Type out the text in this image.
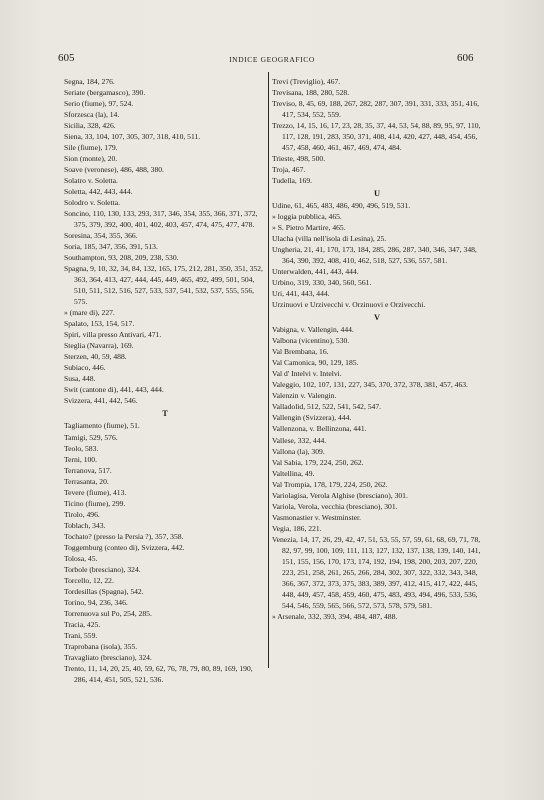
605	INDICE GEOGRAFICO	606
Segna, 184, 276.
Seriate (bergamasco), 390.
Serio (fiume), 97, 524.
Sforzesca (la), 14.
Sicilia, 328, 426.
Siena, 33, 104, 107, 305, 307, 318, 410, 511.
Sile (fiume), 179.
Sion (monte), 20.
Soave (veronese), 486, 488, 380.
Solatro v. Soletta.
Soletta, 442, 443, 444.
Solodro v. Soletta.
Soncino, 110, 130, 133, 293, 317, 346, 354, 355, 366, 371, 372, 375, 379, 392, 400, 401, 402, 403, 457, 474, 475, 477, 478.
Soresina, 354, 355, 366.
Soria, 185, 347, 356, 391, 513.
Southampton, 93, 208, 209, 238, 530.
Spagna, 9, 10, 32, 34, 84, 132, 165, 175, 212, 281, 350, 351, 352, 363, 364, 413, 427, 444, 445, 449, 465, 492, 499, 501, 504, 510, 511, 512, 516, 527, 533, 537, 541, 532, 537, 555, 556, 575.
» (mare di), 227.
Spalato, 153, 154, 517.
Spiri, villa presso Antivari, 471.
Steglia (Navarra), 169.
Sterzen, 40, 59, 488.
Subiaco, 446.
Susa, 448.
Swit (cantone di), 441, 443, 444.
Svizzera, 441, 442, 546.
T
Tagliamento (fiume), 51.
Tamigi, 529, 576.
Teolo, 583.
Terni, 100.
Terranova, 517.
Terrasanta, 20.
Tevere (fiume), 413.
Ticino (fiume), 299.
Tirolo, 496.
Toblach, 343.
Tochato? (presso la Persia ?), 357, 358.
Toggemburg (conteo di), Svizzera, 442.
Tolosa, 45.
Torbole (bresciano), 324.
Torcello, 12, 22.
Tordesillas (Spagna), 542.
Torino, 94, 236, 346.
Torrenuova sul Po, 254, 285.
Tracia, 425.
Trani, 559.
Traprobana (isola), 355.
Travagliato (bresciano), 324.
Trento, 11, 14, 20, 25, 40, 59, 62, 76, 78, 79, 80, 89, 169, 190, 286, 414, 451, 505, 521, 536.
Trevi (Treviglio), 467.
Trevisana, 188, 280, 528.
Treviso, 8, 45, 69, 188, 267, 282, 287, 307, 391, 331, 333, 351, 416, 417, 534, 552, 559.
Trezzo, 14, 15, 16, 17, 23, 28, 35, 37, 44, 53, 54, 88, 89, 95, 97, 110, 117, 128, 191, 283, 350, 371, 408, 414, 420, 427, 448, 454, 456, 457, 458, 460, 461, 467, 469, 474, 484.
Trieste, 498, 500.
Troja, 467.
Tudella, 169.
U
Udine, 61, 465, 483, 486, 490, 496, 519, 531.
» loggia pubblica, 465.
» S. Pietro Martire, 465.
Ulacha (villa nell'isola di Lesina), 25.
Ungheria, 21, 41, 170, 173, 184, 285, 286, 287, 340, 346, 347, 348, 364, 390, 392, 408, 410, 462, 518, 527, 536, 557, 581.
Unterwalden, 441, 443, 444.
Urbino, 319, 330, 340, 560, 561.
Uri, 441, 443, 444.
Urzinuovi e Urzivecchi v. Orzinuovi e Orzivecchi.
V
Vabigna, v. Vallengin, 444.
Valbona (vicentino), 530.
Val Brembana, 16.
Val Camonica, 90, 129, 185.
Val d' Intelvi v. Intelvi.
Valeggio, 102, 107, 131, 227, 345, 370, 372, 378, 381, 457, 463.
Valenzin v. Valengin.
Valladolid, 512, 522, 541, 542, 547.
Vallengin (Svizzera), 444.
Vallenzona, v. Bellinzona, 441.
Vallese, 332, 444.
Vallona (la), 309.
Val Sabia, 179, 224, 250, 262.
Valtellina, 49.
Val Trompia, 178, 179, 224, 250, 262.
Variolagisa, Verola Alghise (bresciano), 301.
Variola, Verola, vecchia (bresciano), 301.
Vasmonastier v. Westminster.
Vegia, 186, 221.
Venezia, 14, 17, 26, 29, 42, 47, 51, 53, 55, 57, 59, 61, 68, 69, 71, 78, 82, 97, 99, 100, 109, 111, 113, 127, 132, 137, 138, 139, 140, 141, 151, 155, 156, 170, 173, 174, 192, 194, 198, 200, 203, 207, 220, 223, 251, 258, 261, 265, 266, 284, 302, 307, 322, 332, 343, 348, 366, 367, 372, 373, 375, 383, 389, 397, 412, 415, 417, 422, 445, 448, 449, 457, 458, 459, 460, 475, 483, 493, 494, 496, 533, 536, 544, 546, 559, 565, 566, 572, 573, 578, 579, 581.
» Arsenale, 332, 393, 394, 484, 487, 488.
